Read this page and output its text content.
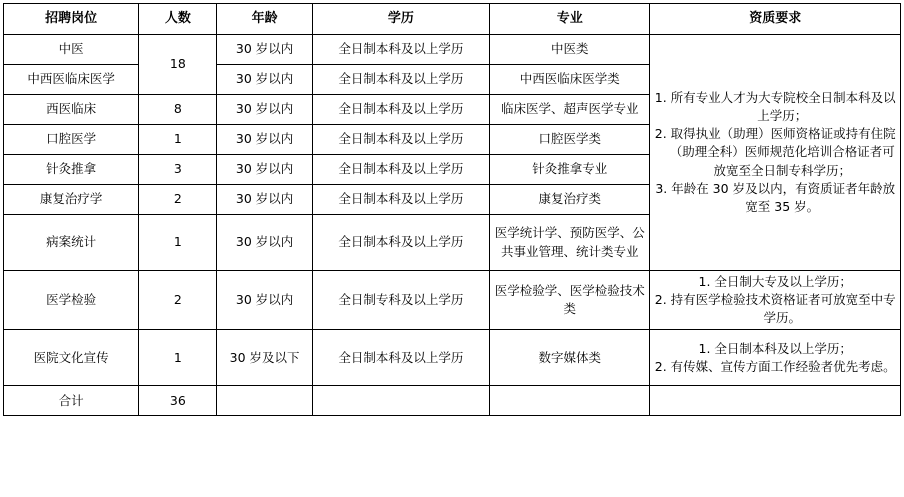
招聘岗位	人数	年龄	学历	专业	资质要求
中医	18	30 岁以内	全日制本科及以上学历	中医类	1. 所有专业人才为大专院校全日制本科及以上学历；
2. 取得执业（助理）医师资格证或持有住院（助理全科）医师规范化培训合格证者可放宽至全日制专科学历；
3. 年龄在 30 岁及以内，有资质证者年龄放宽至 35 岁。

中西医临床医学		30 岁以内	全日制本科及以上学历	中西医临床医学类	
西医临床	8	30 岁以内	全日制本科及以上学历	临床医学、超声医学专业	
口腔医学	1	30 岁以内	全日制本科及以上学历	口腔医学类	
针灸推拿	3	30 岁以内	全日制本科及以上学历	针灸推拿专业	
康复治疗学	2	30 岁以内	全日制本科及以上学历	康复治疗类	
病案统计	1	30 岁以内	全日制本科及以上学历	医学统计学、预防医学、公共事业管理、统计类专业	
医学检验	2	30 岁以内	全日制专科及以上学历	医学检验学、医学检验技术类	1. 全日制大专及以上学历；
2. 持有医学检验技术资格证者可放宽至中专学历。

医院文化宣传	1	30 岁及以下	全日制本科及以上学历	数字媒体类	1. 全日制本科及以上学历；
2. 有传媒、宣传方面工作经验者优先考虑。

合计	36				
